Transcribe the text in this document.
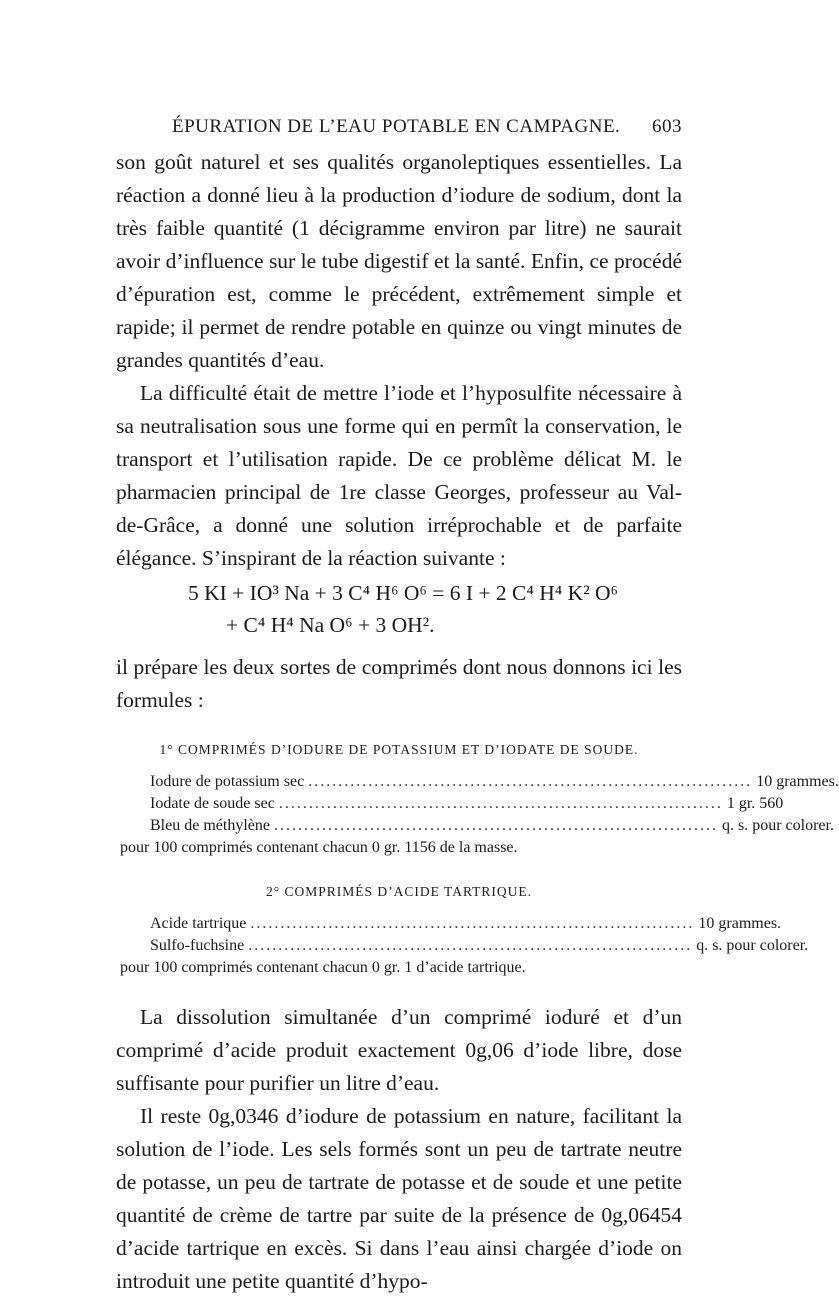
ÉPURATION DE L’EAU POTABLE EN CAMPAGNE. 603

son goût naturel et ses qualités organoleptiques essentielles. La réaction a donné lieu à la production d’iodure de sodium, dont la très faible quantité (1 décigramme environ par litre) ne saurait avoir d’influence sur le tube digestif et la santé. Enfin, ce procédé d’épuration est, comme le précédent, extrêmement simple et rapide; il permet de rendre potable en quinze ou vingt minutes de grandes quantités d’eau.

La difficulté était de mettre l’iode et l’hyposulfite nécessaire à sa neutralisation sous une forme qui en permît la conservation, le transport et l’utilisation rapide. De ce problème délicat M. le pharmacien principal de 1re classe Georges, professeur au Val-de-Grâce, a donné une solution irréprochable et de parfaite élégance. S’inspirant de la réaction suivante :

5 KI + IO³ Na + 3 C⁴ H⁶ O⁶ = 6 I + 2 C⁴ H⁴ K² O⁶
+ C⁴ H⁴ Na O⁶ + 3 OH².

il prépare les deux sortes de comprimés dont nous donnons ici les formules :

1° COMPRIMÉS D’IODURE DE POTASSIUM ET D’IODATE DE SOUDE.
Iodure de potassium sec .......................................................................... 10 grammes.
Iodate de soude sec .......................................................................... 1 gr. 560
Bleu de méthylène .......................................................................... q. s. pour colorer.
pour 100 comprimés contenant chacun 0 gr. 1156 de la masse.
2° COMPRIMÉS D’ACIDE TARTRIQUE.
Acide tartrique .......................................................................... 10 grammes.
Sulfo-fuchsine .......................................................................... q. s. pour colorer.
pour 100 comprimés contenant chacun 0 gr. 1 d’acide tartrique.

La dissolution simultanée d’un comprimé ioduré et d’un comprimé d’acide produit exactement 0g,06 d’iode libre, dose suffisante pour purifier un litre d’eau.

Il reste 0g,0346 d’iodure de potassium en nature, facilitant la solution de l’iode. Les sels formés sont un peu de tartrate neutre de potasse, un peu de tartrate de potasse et de soude et une petite quantité de crème de tartre par suite de la présence de 0g,06454 d’acide tartrique en excès. Si dans l’eau ainsi chargée d’iode on introduit une petite quantité d’hypo-
